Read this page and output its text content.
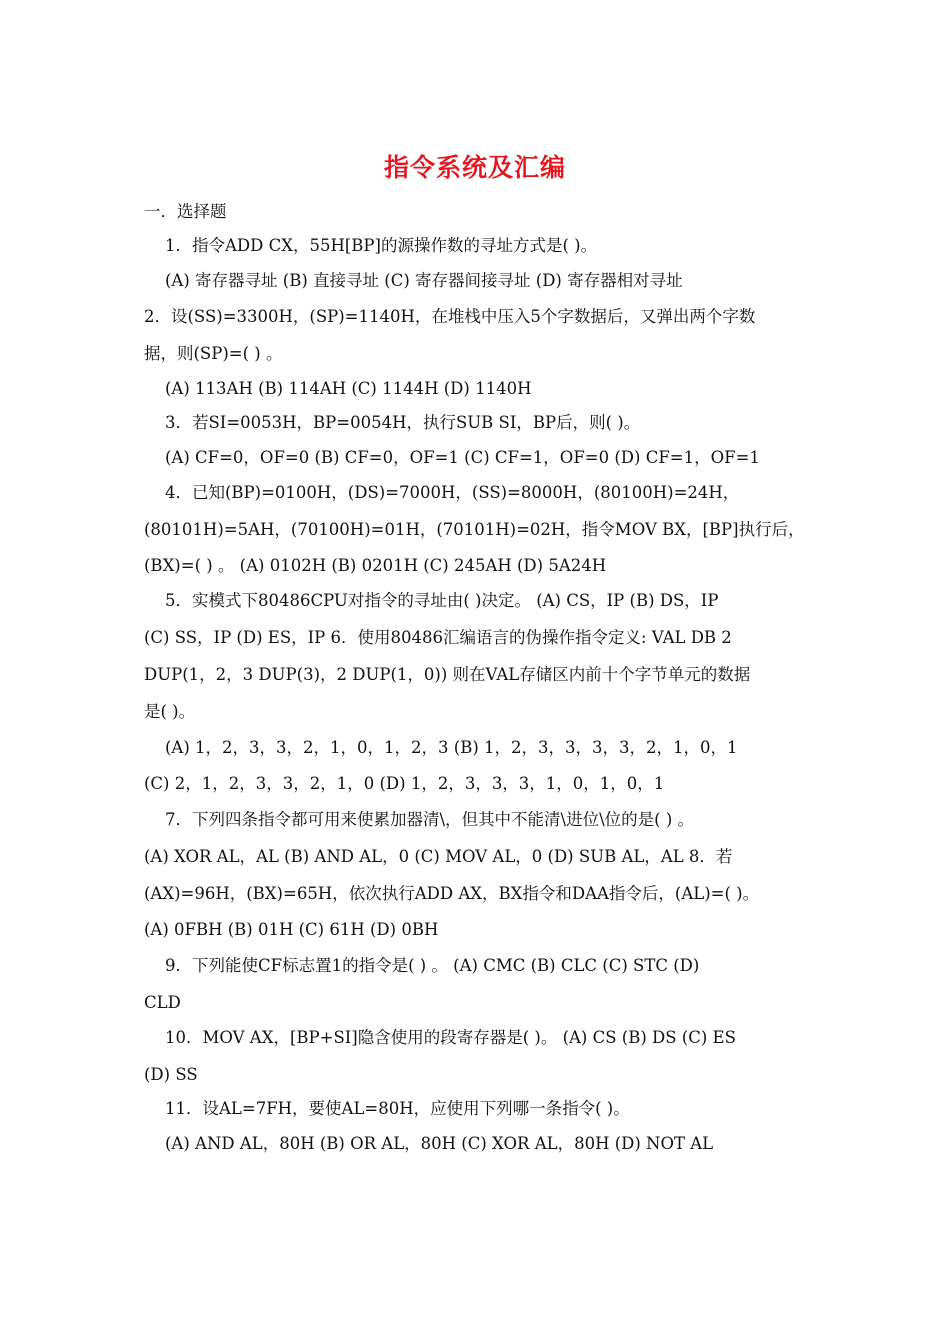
指令系统及汇编
一．选择题
1．指令ADD CX，55H[BP]的源操作数的寻址方式是( )。
(A) 寄存器寻址 (B) 直接寻址 (C) 寄存器间接寻址 (D) 寄存器相对寻址
2．设(SS)=3300H，(SP)=1140H，在堆栈中压入5个字数据后，又弹出两个字数
据，则(SP)=( ) 。
(A) 113AH (B) 114AH (C) 1144H (D) 1140H
3．若SI=0053H，BP=0054H，执行SUB SI，BP后，则( )。
(A) CF=0，OF=0 (B) CF=0，OF=1 (C) CF=1，OF=0 (D) CF=1，OF=1
4．已知(BP)=0100H，(DS)=7000H，(SS)=8000H，(80100H)=24H，
(80101H)=5AH，(70100H)=01H，(70101H)=02H，指令MOV BX，[BP]执行后，
(BX)=( ) 。 (A) 0102H (B) 0201H (C) 245AH (D) 5A24H
5．实模式下80486CPU对指令的寻址由( )决定。 (A) CS，IP (B) DS，IP
(C) SS，IP (D) ES，IP 6．使用80486汇编语言的伪操作指令定义: VAL DB 2
DUP(1，2，3 DUP(3)，2 DUP(1，0)) 则在VAL存储区内前十个字节单元的数据
是( )。
(A) 1，2，3，3，2，1，0，1，2，3 (B) 1，2，3，3，3，3，2，1，0，1
(C) 2，1，2，3，3，2，1，0 (D) 1，2，3，3，3，1，0，1，0，1
7．下列四条指令都可用来使累加器清\，但其中不能清\进位\位的是( ) 。
(A) XOR AL，AL (B) AND AL，0 (C) MOV AL，0 (D) SUB AL，AL 8．若
(AX)=96H，(BX)=65H，依次执行ADD AX，BX指令和DAA指令后，(AL)=( )。
(A) 0FBH (B) 01H (C) 61H (D) 0BH
9．下列能使CF标志置1的指令是( ) 。 (A) CMC (B) CLC (C) STC (D)
CLD
10．MOV AX，[BP+SI]隐含使用的段寄存器是( )。 (A) CS (B) DS (C) ES
(D) SS
11．设AL=7FH，要使AL=80H，应使用下列哪一条指令( )。
(A) AND AL，80H (B) OR AL，80H (C) XOR AL，80H (D) NOT AL
